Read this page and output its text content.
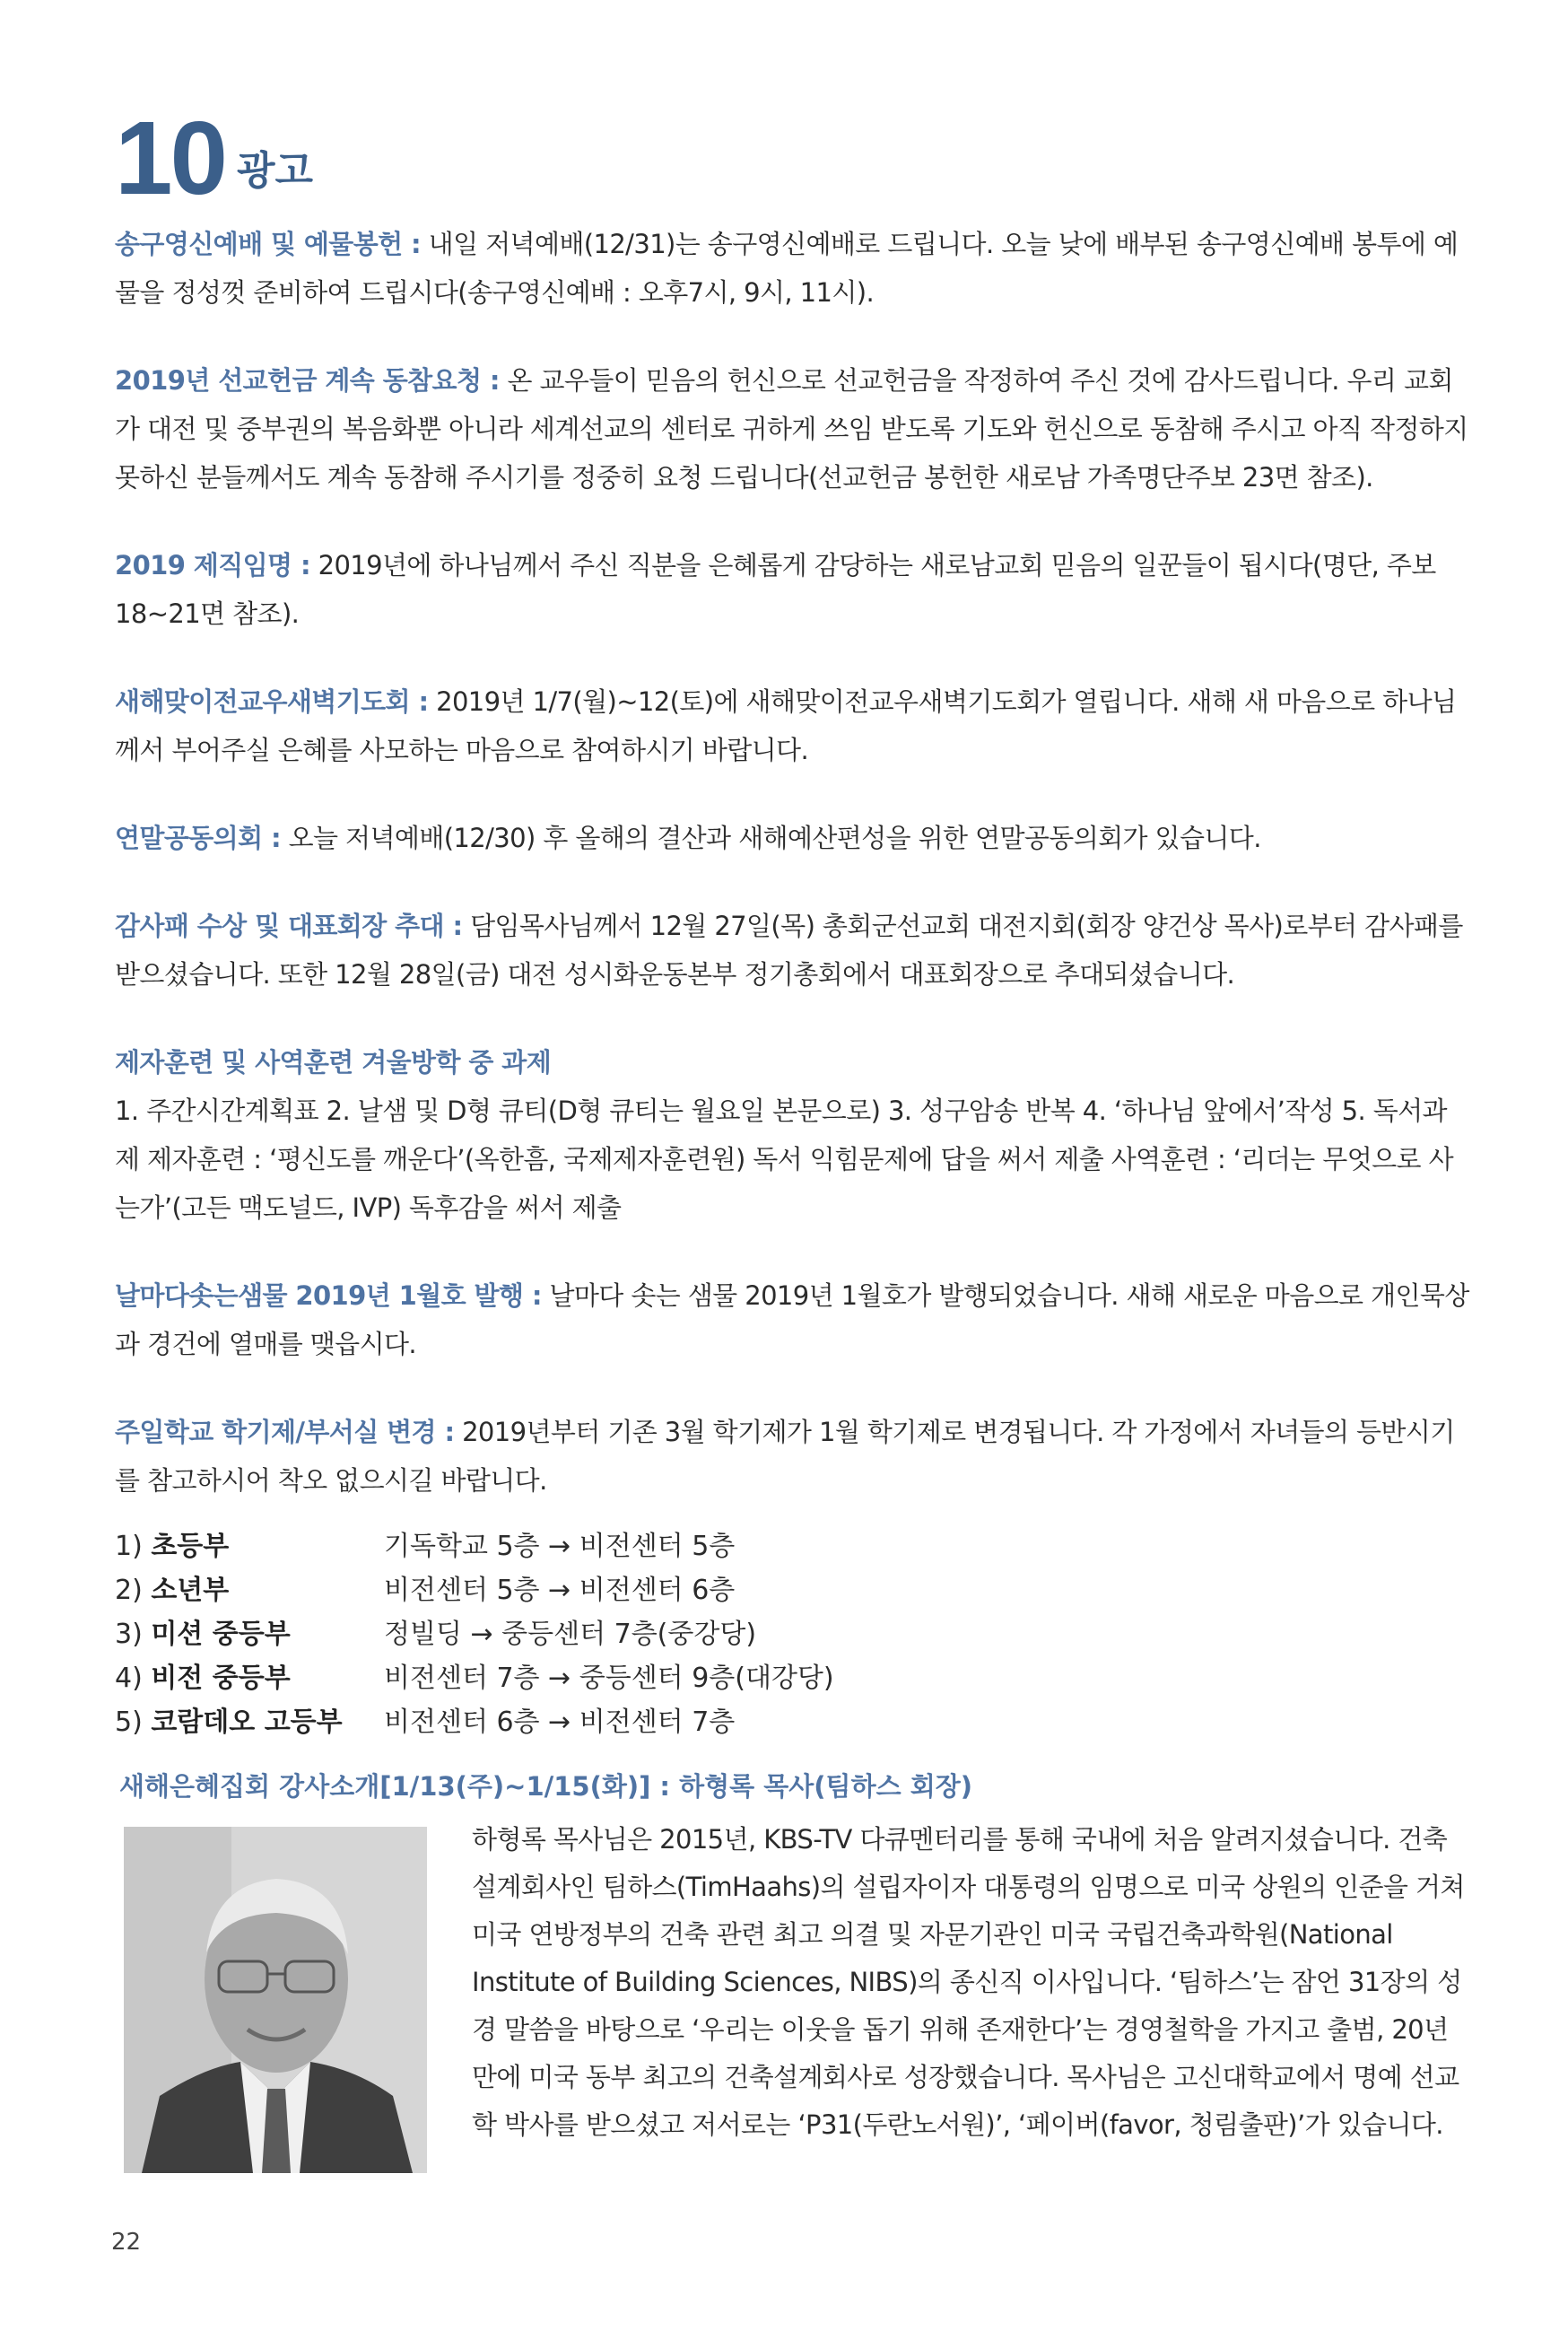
10 광고

송구영신예배 및 예물봉헌 : 내일 저녁예배(12/31)는 송구영신예배로 드립니다. 오늘 낮에 배부된 송구영신예배 봉투에 예물을 정성껏 준비하여 드립시다(송구영신예배 : 오후7시, 9시, 11시).

2019년 선교헌금 계속 동참요청 : 온 교우들이 믿음의 헌신으로 선교헌금을 작정하여 주신 것에 감사드립니다. 우리 교회가 대전 및 중부권의 복음화뿐 아니라 세계선교의 센터로 귀하게 쓰임 받도록 기도와 헌신으로 동참해 주시고 아직 작정하지 못하신 분들께서도 계속 동참해 주시기를 정중히 요청 드립니다(선교헌금 봉헌한 새로남 가족명단주보 23면 참조).

2019 제직임명 : 2019년에 하나님께서 주신 직분을 은혜롭게 감당하는 새로남교회 믿음의 일꾼들이 됩시다(명단, 주보 18~21면 참조).

새해맞이전교우새벽기도회 : 2019년 1/7(월)~12(토)에 새해맞이전교우새벽기도회가 열립니다. 새해 새 마음으로 하나님께서 부어주실 은혜를 사모하는 마음으로 참여하시기 바랍니다.

연말공동의회 : 오늘 저녁예배(12/30) 후 올해의 결산과 새해예산편성을 위한 연말공동의회가 있습니다.

감사패 수상 및 대표회장 추대 : 담임목사님께서 12월 27일(목) 총회군선교회 대전지회(회장 양건상 목사)로부터 감사패를 받으셨습니다. 또한 12월 28일(금) 대전 성시화운동본부 정기총회에서 대표회장으로 추대되셨습니다.

제자훈련 및 사역훈련 겨울방학 중 과제
1. 주간시간계획표 2. 날샘 및 D형 큐티(D형 큐티는 월요일 본문으로) 3. 성구암송 반복 4. ‘하나님 앞에서’작성 5. 독서과제 제자훈련 : ‘평신도를 깨운다’(옥한흠, 국제제자훈련원) 독서 익힘문제에 답을 써서 제출 사역훈련 : ‘리더는 무엇으로 사는가’(고든 맥도널드, IVP) 독후감을 써서 제출

날마다솟는샘물 2019년 1월호 발행 : 날마다 솟는 샘물 2019년 1월호가 발행되었습니다. 새해 새로운 마음으로 개인묵상과 경건에 열매를 맺읍시다.

주일학교 학기제/부서실 변경 : 2019년부터 기존 3월 학기제가 1월 학기제로 변경됩니다. 각 가정에서 자녀들의 등반시기를 참고하시어 착오 없으시길 바랍니다.

1) 초등부	기독학교 5층 → 비전센터 5층
2) 소년부	비전센터 5층 → 비전센터 6층
3) 미션 중등부	정빌딩 → 중등센터 7층(중강당)
4) 비전 중등부	비전센터 7층 → 중등센터 9층(대강당)
5) 코람데오 고등부	비전센터 6층 → 비전센터 7층
새해은혜집회 강사소개[1/13(주)~1/15(화)] : 하형록 목사(팀하스 회장)
하형록 목사님은 2015년, KBS-TV 다큐멘터리를 통해 국내에 처음 알려지셨습니다. 건축설계회사인 팀하스(TimHaahs)의 설립자이자 대통령의 임명으로 미국 상원의 인준을 거쳐 미국 연방정부의 건축 관련 최고 의결 및 자문기관인 미국 국립건축과학원(National Institute of Building Sciences, NIBS)의 종신직 이사입니다. ‘팀하스’는 잠언 31장의 성경 말씀을 바탕으로 ‘우리는 이웃을 돕기 위해 존재한다’는 경영철학을 가지고 출범, 20년 만에 미국 동부 최고의 건축설계회사로 성장했습니다. 목사님은 고신대학교에서 명예 선교학 박사를 받으셨고 저서로는 ‘P31(두란노서원)’, ‘페이버(favor, 청림출판)’가 있습니다.
22
